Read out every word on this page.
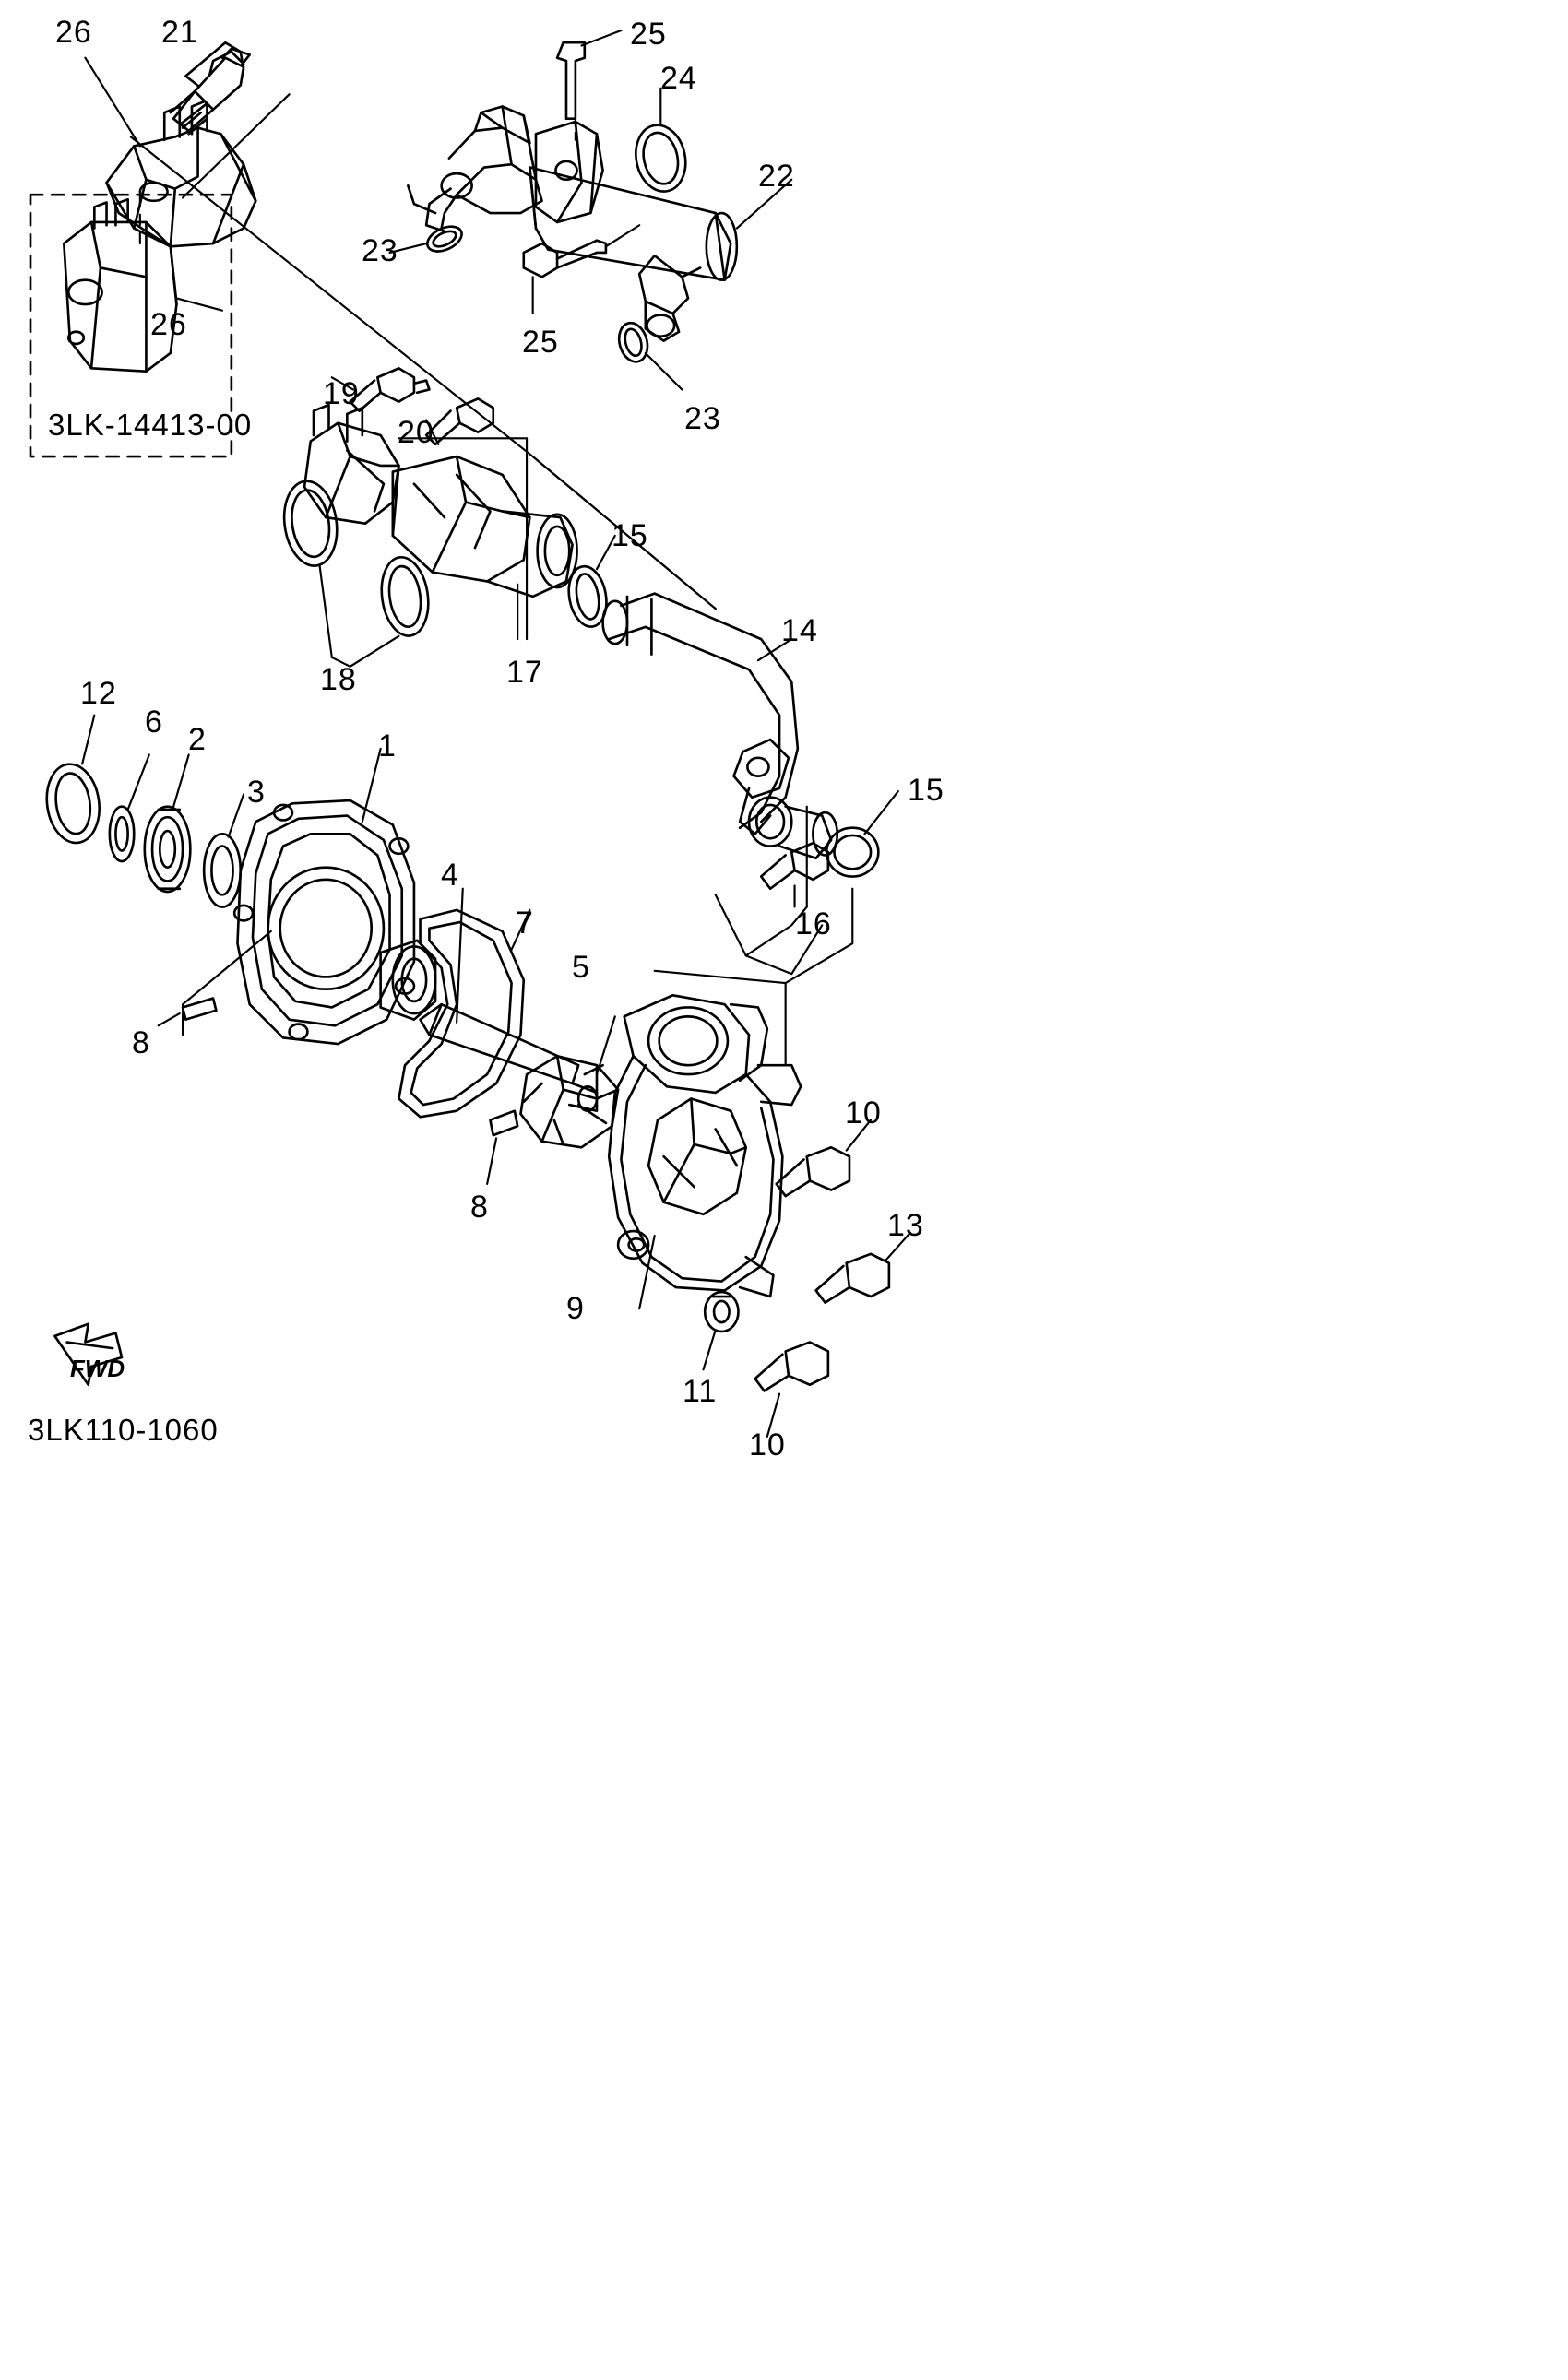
26 21	25
24
22
23
26	25
23
19
20
15
14
18	17
12
6 2
3
1
15
4
16
7
5
8
10
8
13
9
11
10
3LK-14413-00
FWD
3LK110-1060
